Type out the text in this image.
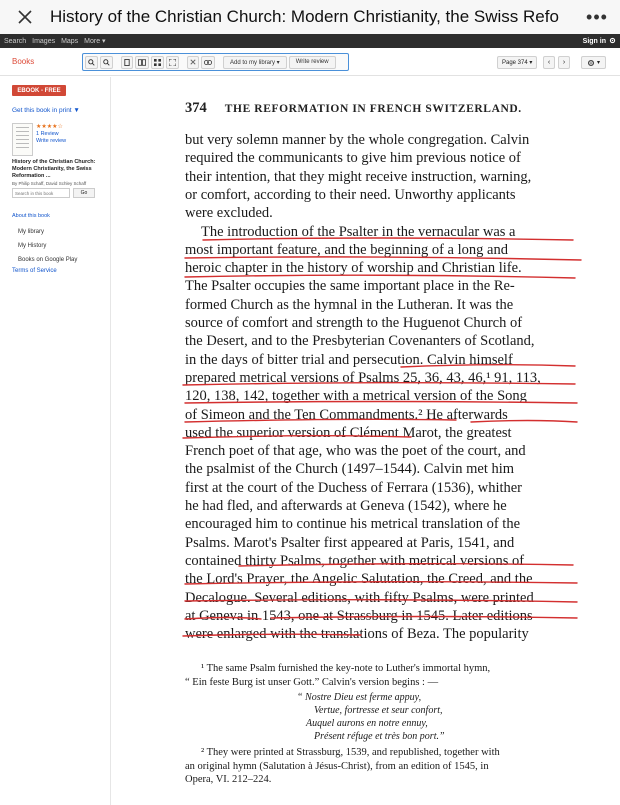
History of the Christian Church: Modern Christianity, the Swiss Refo	•••
Search Images Maps More ▾	Sign in
Books	Add to my library ▾	Write review	Page 374 ▾	‹	›	▾
EBOOK - FREE
Get this book in print ▼
★★★★☆
1 Review
Write review
History of the Christian Church: Modern Christianity, the Swiss Reformation ...
By Philip Schaff, David Schley Schaff
Search in this book
Go
About this book
My library
My History
Books on Google Play
Terms of Service
374 THE REFORMATION IN FRENCH SWITZERLAND.
but very solemn manner by the whole congregation. Calvin
required the communicants to give him previous notice of
their intention, that they might receive instruction, warning,
or comfort, according to their need. Unworthy applicants
were excluded.
The introduction of the Psalter in the vernacular was a
most important feature, and the beginning of a long and
heroic chapter in the history of worship and Christian life.
The Psalter occupies the same important place in the Re-
formed Church as the hymnal in the Lutheran. It was the
source of comfort and strength to the Huguenot Church of
the Desert, and to the Presbyterian Covenanters of Scotland,
in the days of bitter trial and persecution. Calvin himself
prepared metrical versions of Psalms 25, 36, 43, 46,¹ 91, 113,
120, 138, 142, together with a metrical version of the Song
of Simeon and the Ten Commandments.² He afterwards
used the superior version of Clément Marot, the greatest
French poet of that age, who was the poet of the court, and
the psalmist of the Church (1497–1544). Calvin met him
first at the court of the Duchess of Ferrara (1536), whither
he had fled, and afterwards at Geneva (1542), where he
encouraged him to continue his metrical translation of the
Psalms. Marot's Psalter first appeared at Paris, 1541, and
contained thirty Psalms, together with metrical versions of
the Lord's Prayer, the Angelic Salutation, the Creed, and the
Decalogue. Several editions, with fifty Psalms, were printed
at Geneva in 1543, one at Strassburg in 1545. Later editions
were enlarged with the translations of Beza. The popularity
¹ The same Psalm furnished the key-note to Luther's immortal hymn,
“ Ein feste Burg ist unser Gott.” Calvin's version begins : —
“ Nostre Dieu est ferme appuy,
Vertue, fortresse et seur confort,
Auquel aurons en notre ennuy,
Présent réfuge et très bon port.”
² They were printed at Strassburg, 1539, and republished, together with
an original hymn (Salutation à Jésus-Christ), from an edition of 1545, in
Opera, VI. 212–224.
